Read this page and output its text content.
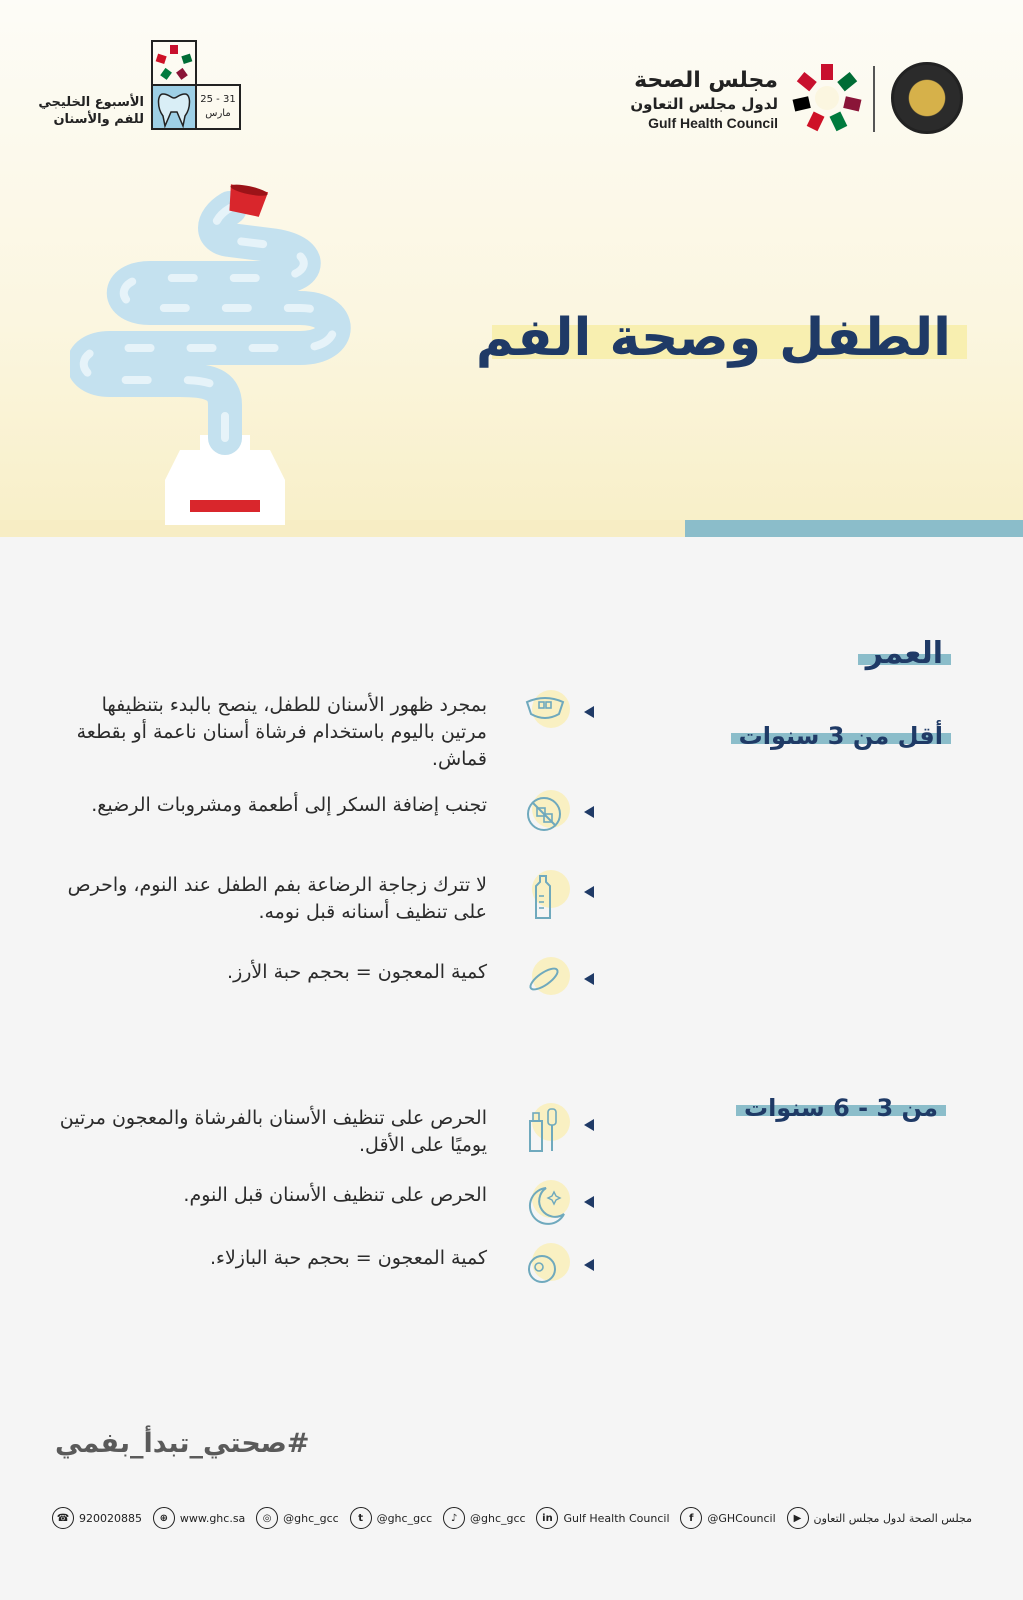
مجلس الصحة
لدول مجلس التعاون
Gulf Health Council
الأسبوع الخليجي
للفم والأسنان
25 - 31
مارس
الطفل وصحة الفم
العمر
أقل من 3 سنوات
بمجرد ظهور الأسنان للطفل، ينصح بالبدء بتنظيفها مرتين باليوم باستخدام فرشاة أسنان ناعمة أو بقطعة قماش.
تجنب إضافة السكر إلى أطعمة ومشروبات الرضيع.
لا تترك زجاجة الرضاعة بفم الطفل عند النوم، واحرص على تنظيف أسنانه قبل نومه.
كمية المعجون = بحجم حبة الأرز.
من 3 - 6 سنوات
الحرص على تنظيف الأسنان بالفرشاة والمعجون مرتين يوميًا على الأقل.
الحرص على تنظيف الأسنان قبل النوم.
كمية المعجون = بحجم حبة البازلاء.
#صحتي_تبدأ_بفمي
▶	مجلس الصحة لدول مجلس التعاون
f	@GHCouncil
in Gulf Health Council
♪	@ghc_gcc
t	@ghc_gcc
◎	@ghc_gcc
⊕	www.ghc.sa
☎ 920020885
